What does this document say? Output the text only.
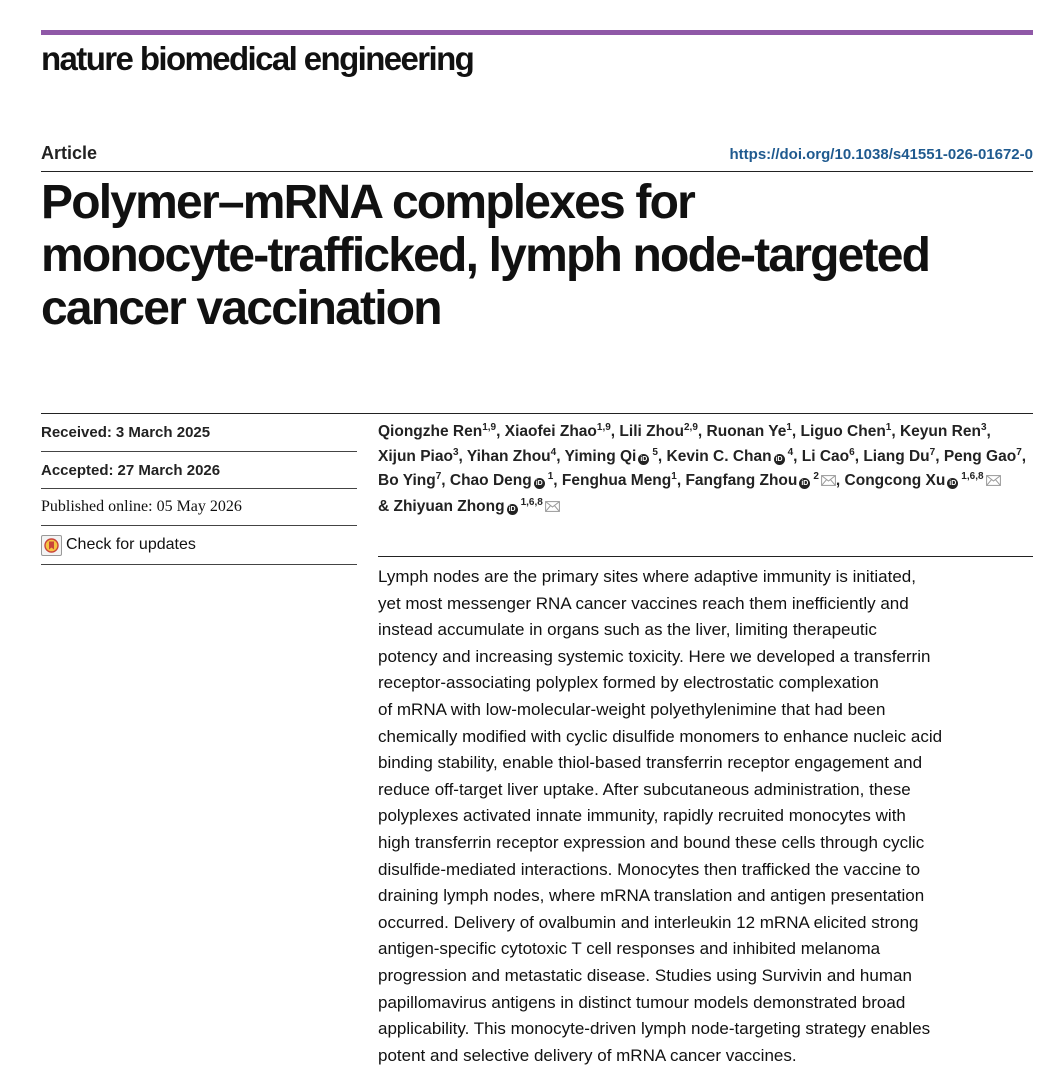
nature biomedical engineering
Article	https://doi.org/10.1038/s41551-026-01672-0
Polymer–mRNA complexes for
monocyte-trafficked, lymph node-targeted
cancer vaccination
Received: 3 March 2025
Accepted: 27 March 2026
Published online: 05 May 2026
Check for updates
Qiongzhe Ren$^{1,9}$, Xiaofei Zhao$^{1,9}$, Lili Zhou$^{2,9}$, Ruonan Ye$^1$, Liguo Chen$^1$, Keyun Ren$^3$, Xijun Piao$^3$, Yihan Zhou$^4$, Yiming Qi $iD^5$, Kevin C. Chan $iD^4$, Li Cao$^6$, Liang Du$^7$, Peng Gao$^7$, Bo Ying$^7$, Chao Deng $iD^1$, Fenghua Meng$^1$, Fangfang Zhou $iD^2$ , Congcong Xu iD$^{1,6,8}$ & Zhiyuan Zhong iD$^{1,6,8}$

Lymph nodes are the primary sites where adaptive immunity is initiated,
yet most messenger RNA cancer vaccines reach them inefficiently and
instead accumulate in organs such as the liver, limiting therapeutic
potency and increasing systemic toxicity. Here we developed a transferrin
receptor-associating polyplex formed by electrostatic complexation
of mRNA with low-molecular-weight polyethylenimine that had been
chemically modified with cyclic disulfide monomers to enhance nucleic acid
binding stability, enable thiol-based transferrin receptor engagement and
reduce off-target liver uptake. After subcutaneous administration, these
polyplexes activated innate immunity, rapidly recruited monocytes with
high transferrin receptor expression and bound these cells through cyclic
disulfide-mediated interactions. Monocytes then trafficked the vaccine to
draining lymph nodes, where mRNA translation and antigen presentation
occurred. Delivery of ovalbumin and interleukin 12 mRNA elicited strong
antigen-specific cytotoxic T cell responses and inhibited melanoma
progression and metastatic disease. Studies using Survivin and human
papillomavirus antigens in distinct tumour models demonstrated broad
applicability. This monocyte-driven lymph node-targeting strategy enables
potent and selective delivery of mRNA cancer vaccines.
